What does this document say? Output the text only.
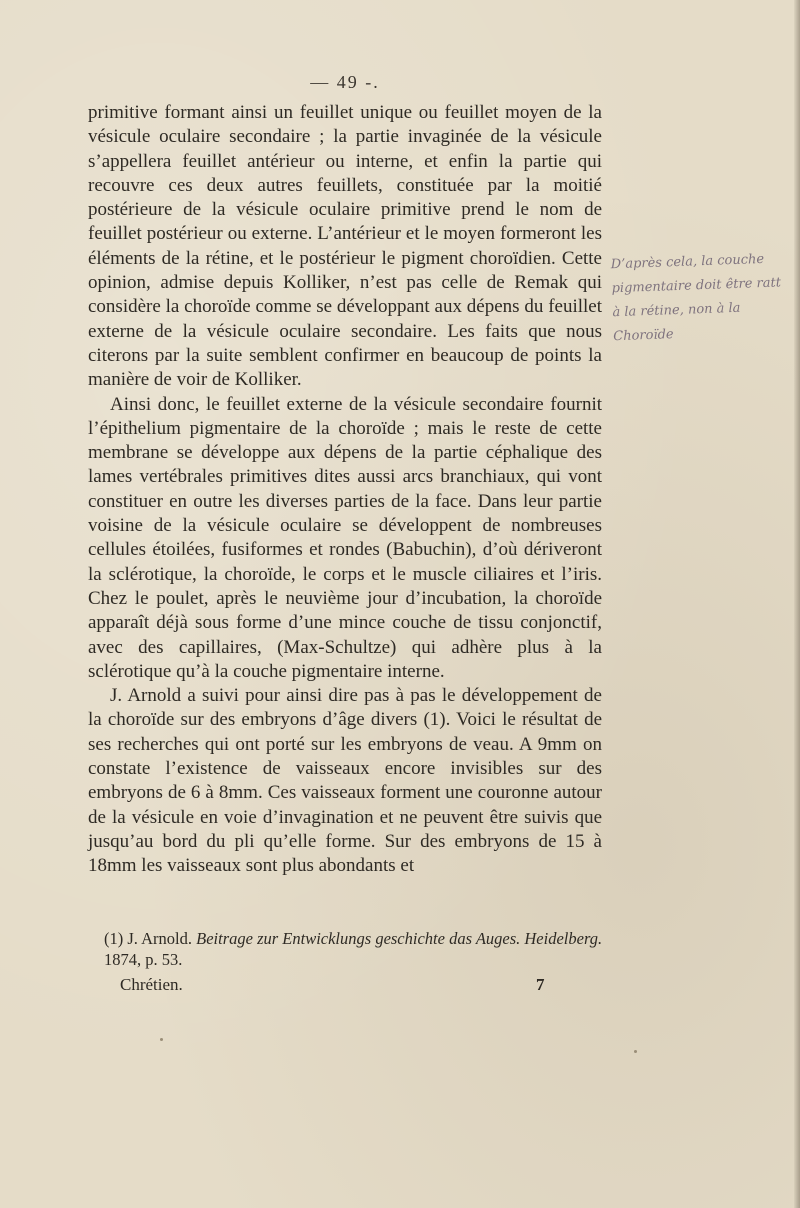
— 49 -.

primitive formant ainsi un feuillet unique ou feuillet moyen de la vésicule oculaire secondaire ; la partie invaginée de la vésicule s’appellera feuillet antérieur ou interne, et enfin la partie qui recouvre ces deux autres feuillets, constituée par la moitié postérieure de la vésicule oculaire primitive prend le nom de feuillet postérieur ou externe. L’antérieur et le moyen formeront les éléments de la rétine, et le postérieur le pigment choroïdien. Cette opinion, admise depuis Kolliker, n’est pas celle de Remak qui considère la choroïde comme se développant aux dépens du feuillet externe de la vésicule oculaire secondaire. Les faits que nous citerons par la suite semblent confirmer en beaucoup de points la manière de voir de Kolliker.

Ainsi donc, le feuillet externe de la vésicule secondaire fournit l’épithelium pigmentaire de la choroïde ; mais le reste de cette membrane se développe aux dépens de la partie céphalique des lames vertébrales primitives dites aussi arcs branchiaux, qui vont constituer en outre les diverses parties de la face. Dans leur partie voisine de la vésicule oculaire se développent de nombreuses cellules étoilées, fusiformes et rondes (Babuchin), d’où dériveront la sclérotique, la choroïde, le corps et le muscle ciliaires et l’iris. Chez le poulet, après le neuvième jour d’incubation, la choroïde apparaît déjà sous forme d’une mince couche de tissu conjonctif, avec des capillaires, (Max-Schultze) qui adhère plus à la sclérotique qu’à la couche pigmentaire interne.

J. Arnold a suivi pour ainsi dire pas à pas le développement de la choroïde sur des embryons d’âge divers (1). Voici le résultat de ses recherches qui ont porté sur les embryons de veau. A 9mm on constate l’existence de vaisseaux encore invisibles sur des embryons de 6 à 8mm. Ces vaisseaux forment une couronne autour de la vésicule en voie d’invagination et ne peuvent être suivis que jusqu’au bord du pli qu’elle forme. Sur des embryons de 15 à 18mm les vaisseaux sont plus abondants et

D’après cela, la couche
pigmentaire doit être ratt
à la rétine, non à la
Choroïde
(1) J. Arnold. Beitrage zur Entwicklungs geschichte das Auges. Heidelberg. 1874, p. 53.
Chrétien.	7
